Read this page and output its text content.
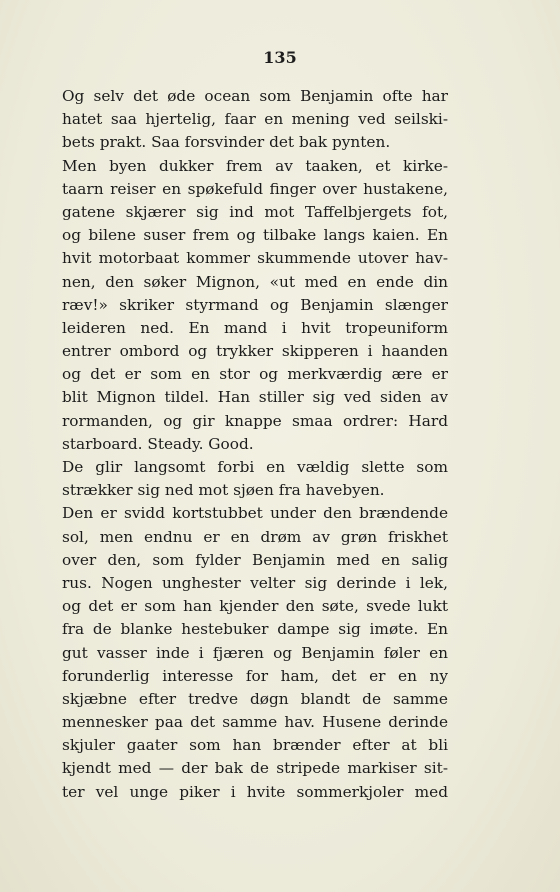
135
Og selv det øde ocean som Benjamin ofte har
hatet saa hjertelig, faar en mening ved seilski-
bets prakt. Saa forsvinder det bak pynten.
Men byen dukker frem av taaken, et kirke-
taarn reiser en spøkefuld finger over hustakene,
gatene skjærer sig ind mot Taffelbjergets fot,
og bilene suser frem og tilbake langs kaien. En
hvit motorbaat kommer skummende utover hav-
nen, den søker Mignon, «ut med en ende din
ræv!» skriker styrmand og Benjamin slænger
leideren ned. En mand i hvit tropeuniform
entrer ombord og trykker skipperen i haanden
og det er som en stor og merkværdig ære er
blit Mignon tildel. Han stiller sig ved siden av
rormanden, og gir knappe smaa ordrer: Hard
starboard. Steady. Good.
De glir langsomt forbi en vældig slette som
strækker sig ned mot sjøen fra havebyen.
Den er svidd kortstubbet under den brændende
sol, men endnu er en drøm av grøn friskhet
over den, som fylder Benjamin med en salig
rus. Nogen unghester velter sig derinde i lek,
og det er som han kjender den søte, svede lukt
fra de blanke hestebuker dampe sig imøte. En
gut vasser inde i fjæren og Benjamin føler en
forunderlig interesse for ham, det er en ny
skjæbne efter tredve døgn blandt de samme
mennesker paa det samme hav. Husene derinde
skjuler gaater som han brænder efter at bli
kjendt med — der bak de stripede markiser sit-
ter vel unge piker i hvite sommerkjoler med
